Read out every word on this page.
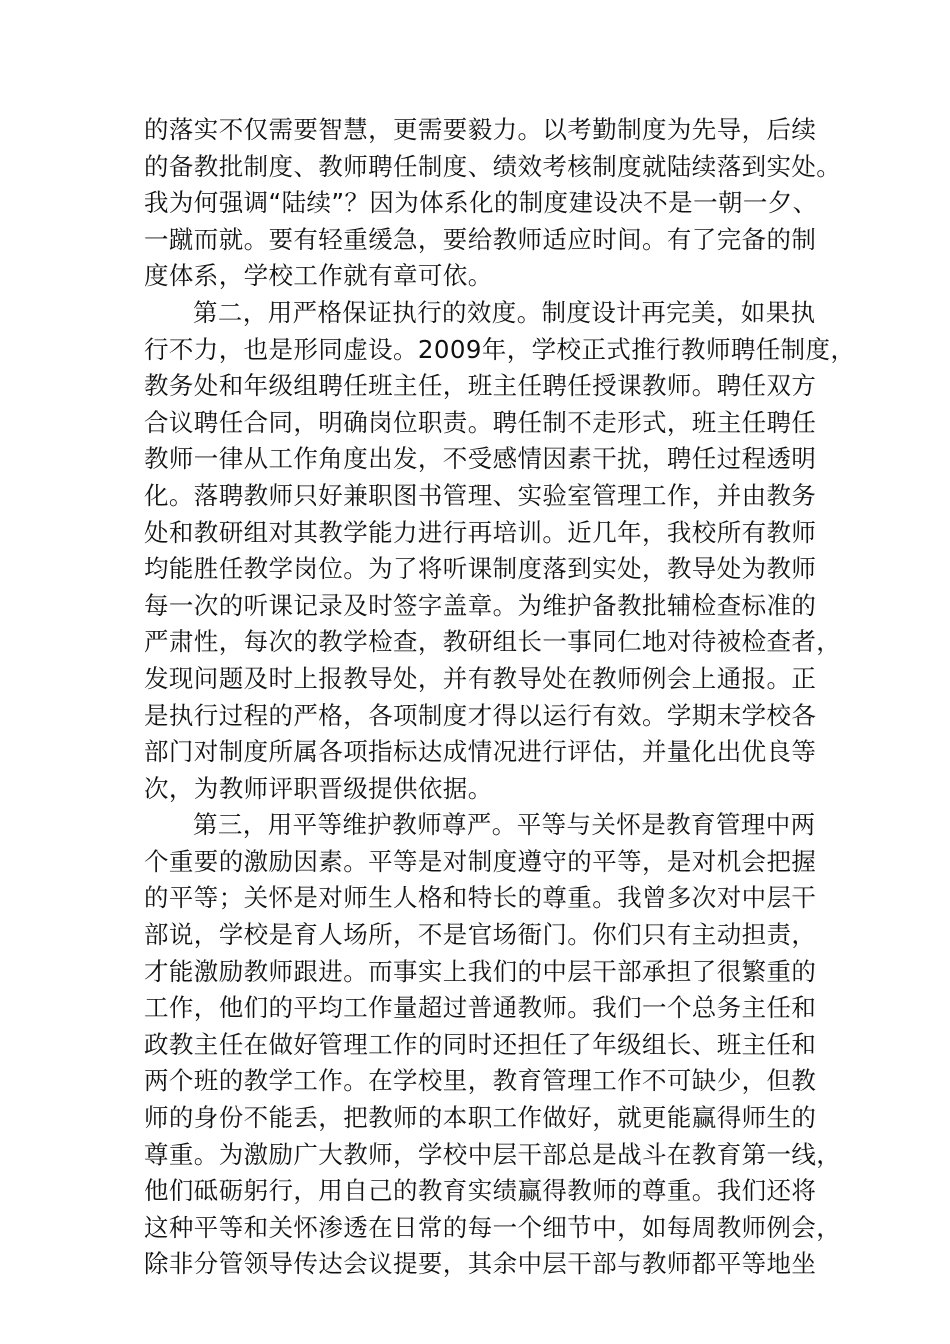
的落实不仅需要智慧，更需要毅力。以考勤制度为先导，后续
的备教批制度、教师聘任制度、绩效考核制度就陆续落到实处。
我为何强调“陆续”？因为体系化的制度建设决不是一朝一夕、
一蹴而就。要有轻重缓急，要给教师适应时间。有了完备的制
度体系，学校工作就有章可依。
第二，用严格保证执行的效度。制度设计再完美，如果执
行不力，也是形同虚设。2009年，学校正式推行教师聘任制度，
教务处和年级组聘任班主任，班主任聘任授课教师。聘任双方
合议聘任合同，明确岗位职责。聘任制不走形式，班主任聘任
教师一律从工作角度出发，不受感情因素干扰，聘任过程透明
化。落聘教师只好兼职图书管理、实验室管理工作，并由教务
处和教研组对其教学能力进行再培训。近几年，我校所有教师
均能胜任教学岗位。为了将听课制度落到实处，教导处为教师
每一次的听课记录及时签字盖章。为维护备教批辅检查标准的
严肃性，每次的教学检查，教研组长一事同仁地对待被检查者，
发现问题及时上报教导处，并有教导处在教师例会上通报。正
是执行过程的严格，各项制度才得以运行有效。学期末学校各
部门对制度所属各项指标达成情况进行评估，并量化出优良等
次，为教师评职晋级提供依据。
第三，用平等维护教师尊严。平等与关怀是教育管理中两
个重要的激励因素。平等是对制度遵守的平等，是对机会把握
的平等；关怀是对师生人格和特长的尊重。我曾多次对中层干
部说，学校是育人场所，不是官场衙门。你们只有主动担责，
才能激励教师跟进。而事实上我们的中层干部承担了很繁重的
工作，他们的平均工作量超过普通教师。我们一个总务主任和
政教主任在做好管理工作的同时还担任了年级组长、班主任和
两个班的教学工作。在学校里，教育管理工作不可缺少，但教
师的身份不能丢，把教师的本职工作做好，就更能赢得师生的
尊重。为激励广大教师，学校中层干部总是战斗在教育第一线，
他们砥砺躬行，用自己的教育实绩赢得教师的尊重。我们还将
这种平等和关怀渗透在日常的每一个细节中，如每周教师例会，
除非分管领导传达会议提要，其余中层干部与教师都平等地坐
